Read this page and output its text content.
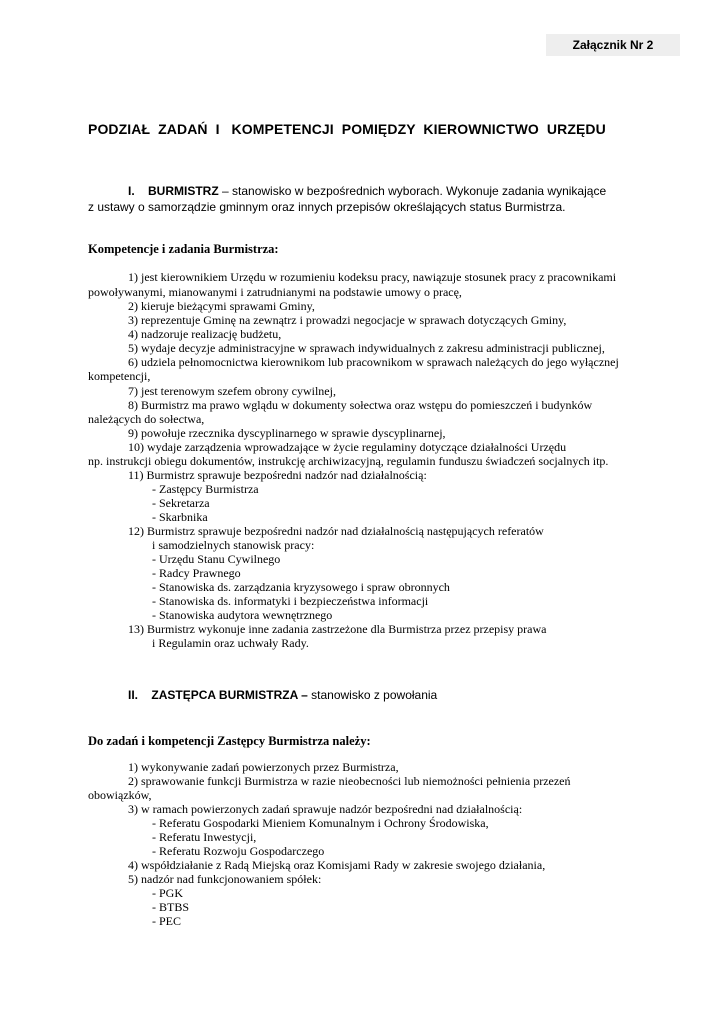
Załącznik Nr 2
PODZIAŁ  ZADAŃ  I   KOMPETENCJI  POMIĘDZY  KIEROWNICTWO  URZĘDU
I. BURMISTRZ – stanowisko w bezpośrednich wyborach. Wykonuje zadania wynikające
z ustawy o samorządzie gminnym oraz innych przepisów określających status Burmistrza.
Kompetencje i zadania Burmistrza:
1) jest kierownikiem Urzędu w rozumieniu kodeksu pracy, nawiązuje stosunek pracy z pracownikami
powoływanymi, mianowanymi i zatrudnianymi na podstawie umowy o pracę,
2) kieruje bieżącymi sprawami Gminy,
3) reprezentuje Gminę na zewnątrz i prowadzi negocjacje w sprawach dotyczących Gminy,
4) nadzoruje realizację budżetu,
5) wydaje decyzje administracyjne w sprawach indywidualnych z zakresu administracji publicznej,
6) udziela pełnomocnictwa kierownikom lub pracownikom w sprawach należących do jego wyłącznej
kompetencji,
7) jest terenowym szefem obrony cywilnej,
8) Burmistrz ma prawo wglądu w dokumenty sołectwa oraz wstępu do pomieszczeń i budynków
należących do sołectwa,
9) powołuje rzecznika dyscyplinarnego w sprawie dyscyplinarnej,
10) wydaje zarządzenia wprowadzające w życie regulaminy dotyczące działalności Urzędu
np. instrukcji obiegu dokumentów, instrukcję archiwizacyjną, regulamin funduszu świadczeń socjalnych itp.
11) Burmistrz sprawuje bezpośredni nadzór nad działalnością:
- Zastępcy Burmistrza
- Sekretarza
- Skarbnika
12) Burmistrz sprawuje bezpośredni nadzór nad działalnością następujących referatów
i samodzielnych stanowisk pracy:
- Urzędu Stanu Cywilnego
- Radcy Prawnego
- Stanowiska ds. zarządzania kryzysowego i spraw obronnych
- Stanowiska ds. informatyki i bezpieczeństwa informacji
- Stanowiska audytora wewnętrznego
13) Burmistrz wykonuje inne zadania zastrzeżone dla Burmistrza przez przepisy prawa
i Regulamin oraz uchwały Rady.
II. ZASTĘPCA BURMISTRZA – stanowisko z powołania
Do zadań i kompetencji Zastępcy Burmistrza należy:
1) wykonywanie zadań powierzonych przez Burmistrza,
2) sprawowanie funkcji Burmistrza w razie nieobecności lub niemożności pełnienia przezeń
obowiązków,
3) w ramach powierzonych zadań sprawuje nadzór bezpośredni nad działalnością:
- Referatu Gospodarki Mieniem Komunalnym i Ochrony Środowiska,
- Referatu Inwestycji,
- Referatu Rozwoju Gospodarczego
4) współdziałanie z Radą Miejską oraz Komisjami Rady w zakresie swojego działania,
5) nadzór nad funkcjonowaniem spółek:
- PGK
- BTBS
- PEC
